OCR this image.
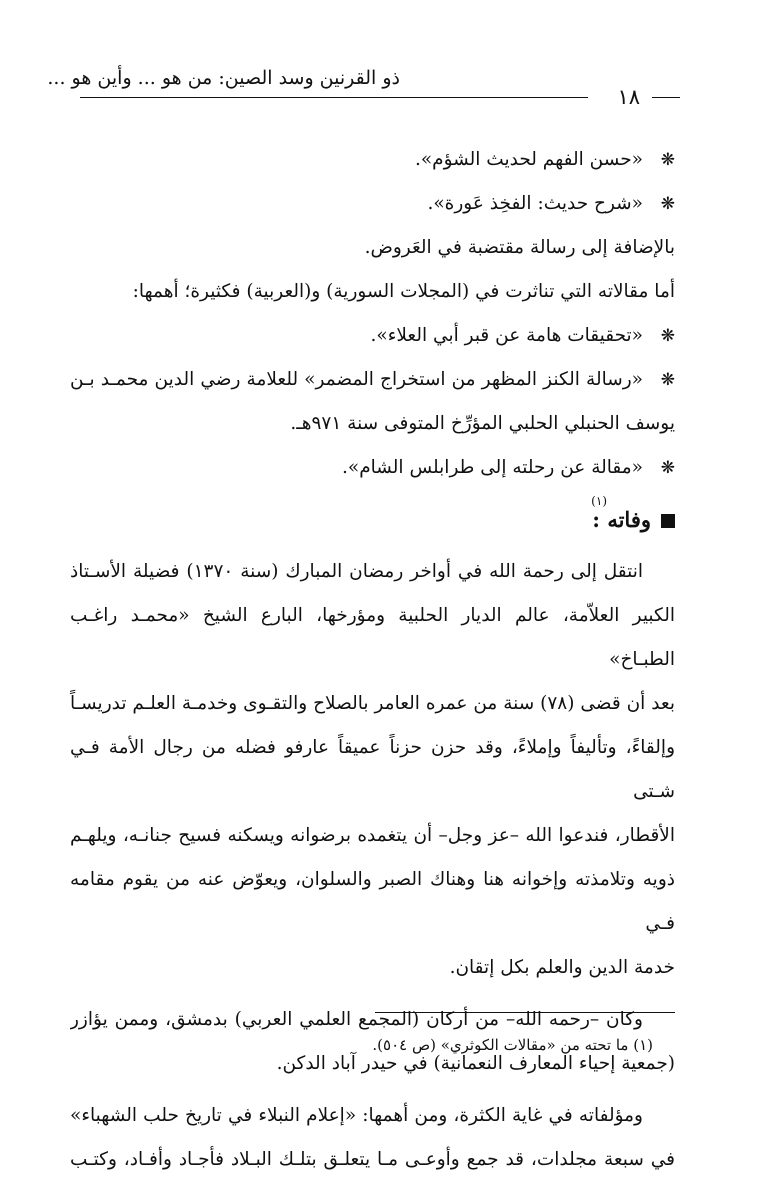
ذو القرنين وسد الصين: من هو ... وأين هو ...
١٨
❋«حسن الفهم لحديث الشؤم».
❋«شرح حديث: الفخِذ عَورة».
بالإضافة إلى رسالة مقتضبة في العَروض.
أما مقالاته التي تناثرت في (المجلات السورية) و(العربية) فكثيرة؛ أهمها:
❋«تحقيقات هامة عن قبر أبي العلاء».
❋«رسالة الكنز المظهر من استخراج المضمر» للعلامة رضي الدين محمـد بـن
يوسف الحنبلي الحلبي المؤرِّخ المتوفى سنة ٩٧١هـ.
❋«مقالة عن رحلته إلى طرابلس الشام».
وفاته :
(١)
انتقل إلى رحمة الله في أواخر رمضان المبارك (سنة ١٣٧٠) فضيلة الأسـتاذ
الكبير العلاّمة، عالم الديار الحلبية ومؤرخها، البارع الشيخ «محمـد راغـب الطبـاخ»
بعد أن قضى (٧٨) سنة من عمره العامر بالصلاح والتقـوى وخدمـة العلـم تدريسـاً
وإلقاءً، وتأليفاً وإملاءً، وقد حزن حزناً عميقاً عارفو فضله من رجال الأمة فـي شـتى
الأقطار، فندعوا الله –عز وجل– أن يتغمده برضوانه ويسكنه فسيح جنانـه، ويلهـم
ذويه وتلامذته وإخوانه هنا وهناك الصبر والسلوان، ويعوّض عنه من يقوم مقامه فـي
خدمة الدين والعلم بكل إتقان.
وكان –رحمه الله– من أركان (المجمع العلمي العربي) بدمشق، وممن يؤازر
(جمعية إحياء المعارف النعمانية) في حيدر آباد الدكن.
ومؤلفاته في غاية الكثرة، ومن أهمها: «إعلام النبلاء في تاريخ حلب الشهباء»
في سبعة مجلدات، قد جمع وأوعـى مـا يتعلـق بتلـك البـلاد فأجـاد وأفـاد، وكتـب
(١) ما تحته من «مقالات الكوثري» (ص ٥٠٤).
